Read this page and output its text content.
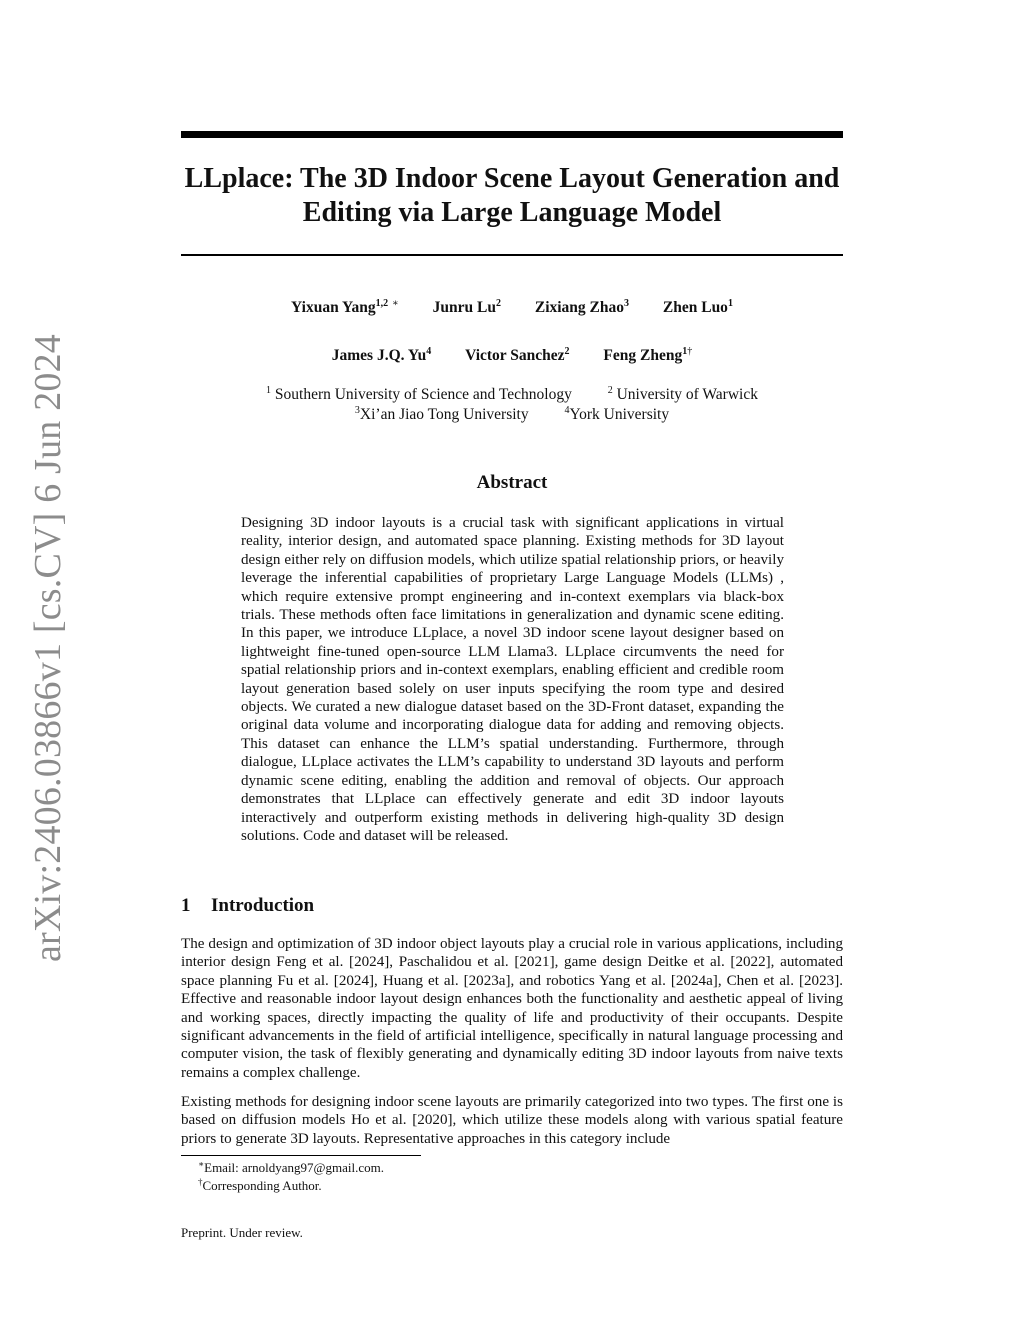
arXiv:2406.03866v1 [cs.CV] 6 Jun 2024
LLplace: The 3D Indoor Scene Layout Generation and
Editing via Large Language Model
Yixuan Yang$^{1,2}$ ∗ Junru Lu$^2$ Zixiang Zhao$^3$ Zhen Luo$^1$
James J.Q. Yu$^4$ Victor Sanchez$^2$ Feng Zheng$^{1\dagger}$
$^1$ Southern University of Science and Technology	$^2$ University of Warwick
$^3$Xi’an Jiao Tong University	$^4$York University
Abstract

Designing 3D indoor layouts is a crucial task with significant applications in virtual reality, interior design, and automated space planning. Existing methods for 3D layout design either rely on diffusion models, which utilize spatial relationship priors, or heavily leverage the inferential capabilities of proprietary Large Language Models (LLMs) , which require extensive prompt engineering and in-context exemplars via black-box trials. These methods often face limitations in generalization and dynamic scene editing. In this paper, we introduce LLplace, a novel 3D indoor scene layout designer based on lightweight fine-tuned open-source LLM Llama3. LLplace circumvents the need for spatial relationship priors and in-context exemplars, enabling efficient and credible room layout generation based solely on user inputs specifying the room type and desired objects. We curated a new dialogue dataset based on the 3D-Front dataset, expanding the original data volume and incorporating dialogue data for adding and removing objects. This dataset can enhance the LLM’s spatial understanding. Furthermore, through dialogue, LLplace activates the LLM’s capability to understand 3D layouts and perform dynamic scene editing, enabling the addition and removal of objects. Our approach demonstrates that LLplace can effectively generate and edit 3D indoor layouts interactively and outperform existing methods in delivering high-quality 3D design solutions. Code and dataset will be released.

1 Introduction

The design and optimization of 3D indoor object layouts play a crucial role in various applications, including interior design Feng et al. [2024], Paschalidou et al. [2021], game design Deitke et al. [2022], automated space planning Fu et al. [2024], Huang et al. [2023a], and robotics Yang et al. [2024a], Chen et al. [2023]. Effective and reasonable indoor layout design enhances both the functionality and aesthetic appeal of living and working spaces, directly impacting the quality of life and productivity of their occupants. Despite significant advancements in the field of artificial intelligence, specifically in natural language processing and computer vision, the task of flexibly generating and dynamically editing 3D indoor layouts from naive texts remains a complex challenge.

Existing methods for designing indoor scene layouts are primarily categorized into two types. The first one is based on diffusion models Ho et al. [2020], which utilize these models along with various spatial feature priors to generate 3D layouts. Representative approaches in this category include

∗Email: arnoldyang97@gmail.com.
†Corresponding Author.
Preprint. Under review.
